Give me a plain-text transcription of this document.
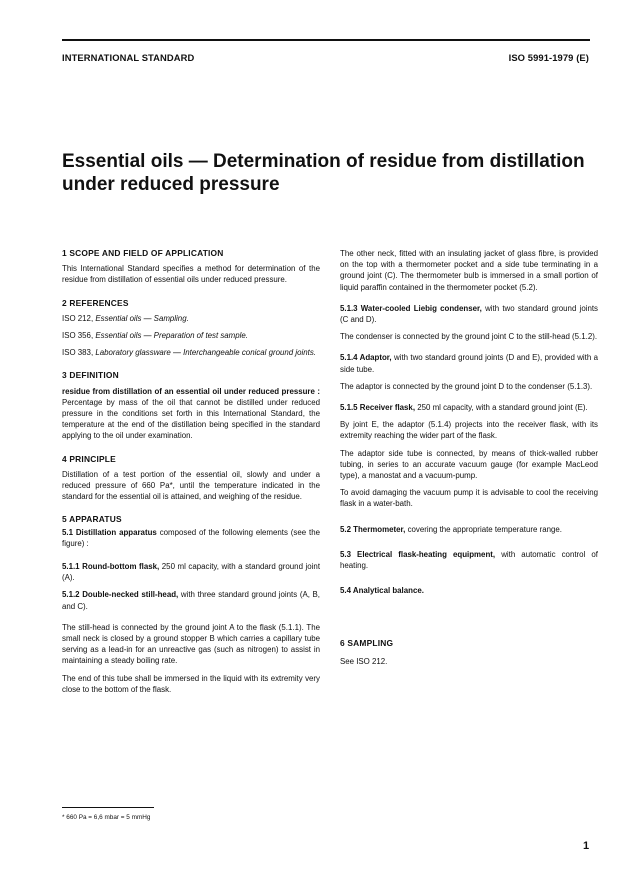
INTERNATIONAL STANDARD	ISO 5991-1979 (E)
Essential oils — Determination of residue from distillation
under reduced pressure
1 SCOPE AND FIELD OF APPLICATION

This International Standard specifies a method for determination of the residue from distillation of essential oils under reduced pressure.

2 REFERENCES

ISO 212, Essential oils — Sampling.

ISO 356, Essential oils — Preparation of test sample.

ISO 383, Laboratory glassware — Interchangeable conical ground joints.

3 DEFINITION

residue from distillation of an essential oil under reduced pressure : Percentage by mass of the oil that cannot be distilled under reduced pressure in the conditions set forth in this International Standard, the temperature at the end of the distillation being specified in the standard applying to the oil under examination.

4 PRINCIPLE

Distillation of a test portion of the essential oil, slowly and under a reduced pressure of 660 Pa*, until the temperature indicated in the standard for the essential oil is attained, and weighing of the residue.

5 APPARATUS

5.1 Distillation apparatus composed of the following elements (see the figure) :

5.1.1 Round-bottom flask, 250 ml capacity, with a standard ground joint (A).

5.1.2 Double-necked still-head, with three standard ground joints (A, B, and C).

The still-head is connected by the ground joint A to the flask (5.1.1). The small neck is closed by a ground stopper B which carries a capillary tube serving as a lead-in for an unreactive gas (such as nitrogen) to assist in maintaining a steady boiling rate.

The end of this tube shall be immersed in the liquid with its extremity very close to the bottom of the flask.

The other neck, fitted with an insulating jacket of glass fibre, is provided on the top with a thermometer pocket and a side tube terminating in a ground joint (C). The thermometer bulb is immersed in a small portion of liquid paraffin contained in the thermometer pocket (5.2).

5.1.3 Water-cooled Liebig condenser, with two standard ground joints (C and D).

The condenser is connected by the ground joint C to the still-head (5.1.2).

5.1.4 Adaptor, with two standard ground joints (D and E), provided with a side tube.

The adaptor is connected by the ground joint D to the condenser (5.1.3).

5.1.5 Receiver flask, 250 ml capacity, with a standard ground joint (E).

By joint E, the adaptor (5.1.4) projects into the receiver flask, with its extremity reaching the wider part of the flask.

The adaptor side tube is connected, by means of thick-walled rubber tubing, in series to an accurate vacuum gauge (for example MacLeod type), a manostat and a vacuum-pump.

To avoid damaging the vacuum pump it is advisable to cool the receiving flask in a water-bath.

5.2 Thermometer, covering the appropriate temperature range.

5.3 Electrical flask-heating equipment, with automatic control of heating.

5.4 Analytical balance.

6 SAMPLING

See ISO 212.

* 660 Pa = 6,6 mbar = 5 mmHg
1
